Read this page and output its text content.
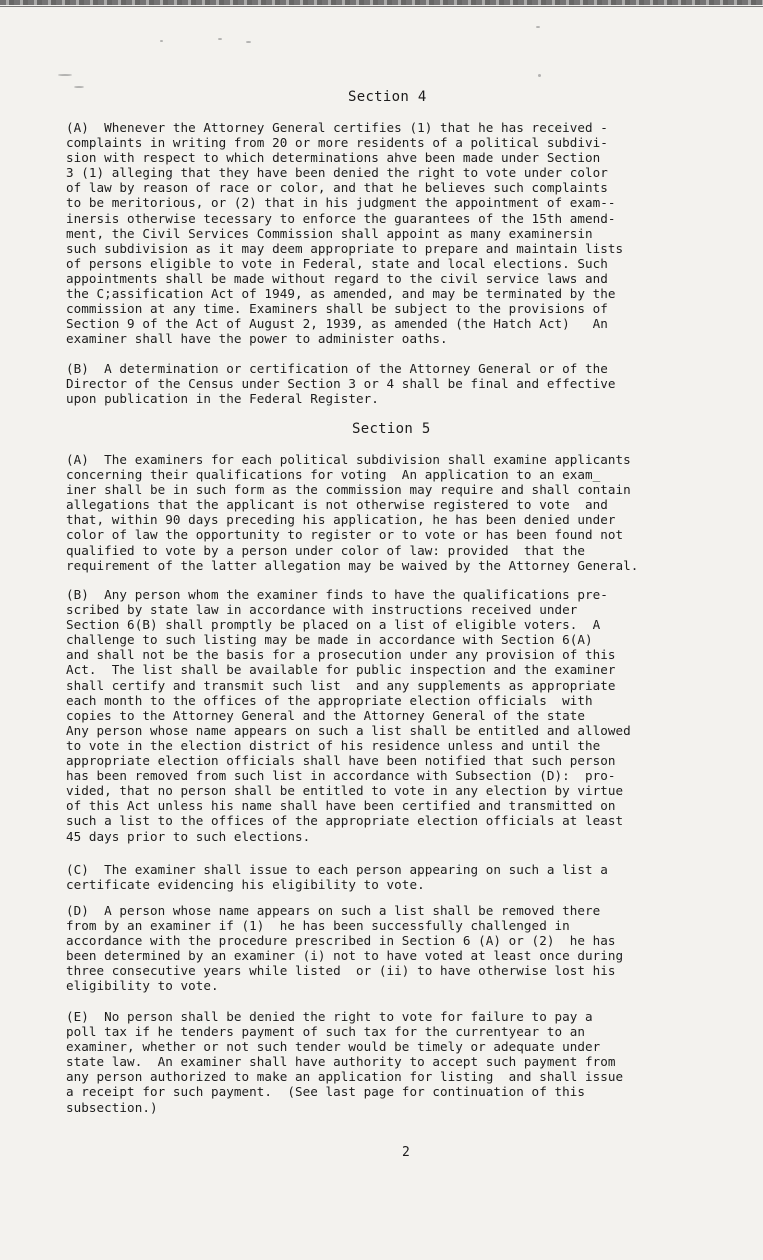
Section 4
(A)  Whenever the Attorney General certifies (1) that he has received -
complaints in writing from 20 or more residents of a political subdivi-
sion with respect to which determinations ahve been made under Section
3 (1) alleging that they have been denied the right to vote under color
of law by reason of race or color, and that he believes such complaints
to be meritorious, or (2) that in his judgment the appointment of exam--
inersis otherwise tecessary to enforce the guarantees of the 15th amend-
ment, the Civil Services Commission shall appoint as many examinersin
such subdivision as it may deem appropriate to prepare and maintain lists
of persons eligible to vote in Federal, state and local elections. Such
appointments shall be made without regard to the civil service laws and
the C;assification Act of 1949, as amended, and may be terminated by the
commission at any time. Examiners shall be subject to the provisions of
Section 9 of the Act of August 2, 1939, as amended (the Hatch Act)   An
examiner shall have the power to administer oaths.
(B)  A determination or certification of the Attorney General or of the
Director of the Census under Section 3 or 4 shall be final and effective
upon publication in the Federal Register.
Section 5
(A)  The examiners for each political subdivision shall examine applicants
concerning their qualifications for voting  An application to an exam_
iner shall be in such form as the commission may require and shall contain
allegations that the applicant is not otherwise registered to vote  and
that, within 90 days preceding his application, he has been denied under
color of law the opportunity to register or to vote or has been found not
qualified to vote by a person under color of law: provided  that the
requirement of the latter allegation may be waived by the Attorney General.
(B)  Any person whom the examiner finds to have the qualifications pre-
scribed by state law in accordance with instructions received under
Section 6(B) shall promptly be placed on a list of eligible voters.  A
challenge to such listing may be made in accordance with Section 6(A)
and shall not be the basis for a prosecution under any provision of this
Act.  The list shall be available for public inspection and the examiner
shall certify and transmit such list  and any supplements as appropriate
each month to the offices of the appropriate election officials  with
copies to the Attorney General and the Attorney General of the state
Any person whose name appears on such a list shall be entitled and allowed
to vote in the election district of his residence unless and until the
appropriate election officials shall have been notified that such person
has been removed from such list in accordance with Subsection (D):  pro-
vided, that no person shall be entitled to vote in any election by virtue
of this Act unless his name shall have been certified and transmitted on
such a list to the offices of the appropriate election officials at least
45 days prior to such elections.
(C)  The examiner shall issue to each person appearing on such a list a
certificate evidencing his eligibility to vote.
(D)  A person whose name appears on such a list shall be removed there
from by an examiner if (1)  he has been successfully challenged in
accordance with the procedure prescribed in Section 6 (A) or (2)  he has
been determined by an examiner (i) not to have voted at least once during
three consecutive years while listed  or (ii) to have otherwise lost his
eligibility to vote.
(E)  No person shall be denied the right to vote for failure to pay a
poll tax if he tenders payment of such tax for the currentyear to an
examiner, whether or not such tender would be timely or adequate under
state law.  An examiner shall have authority to accept such payment from
any person authorized to make an application for listing  and shall issue
a receipt for such payment.  (See last page for continuation of this
subsection.)
2
